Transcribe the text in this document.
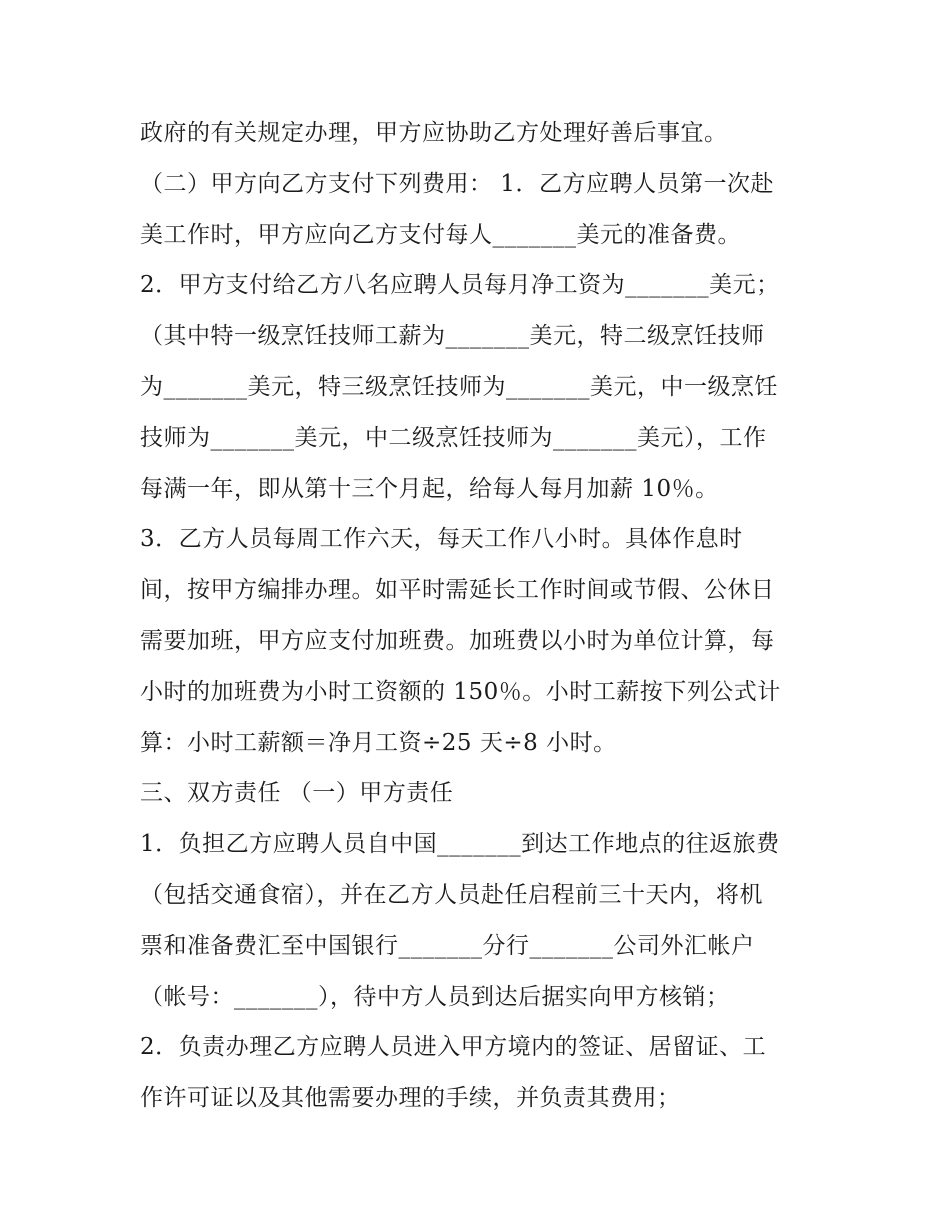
政府的有关规定办理，甲方应协助乙方处理好善后事宜。
（二）甲方向乙方支付下列费用： 1．乙方应聘人员第一次赴
美工作时，甲方应向乙方支付每人_______美元的准备费。
2．甲方支付给乙方八名应聘人员每月净工资为_______美元；
（其中特一级烹饪技师工薪为_______美元，特二级烹饪技师
为_______美元，特三级烹饪技师为_______美元，中一级烹饪
技师为_______美元，中二级烹饪技师为_______美元），工作
每满一年，即从第十三个月起，给每人每月加薪 10％。
3．乙方人员每周工作六天，每天工作八小时。具体作息时
间，按甲方编排办理。如平时需延长工作时间或节假、公休日
需要加班，甲方应支付加班费。加班费以小时为单位计算，每
小时的加班费为小时工资额的 150％。小时工薪按下列公式计
算：小时工薪额＝净月工资÷25 天÷8 小时。
三、双方责任 （一）甲方责任
1．负担乙方应聘人员自中国_______到达工作地点的往返旅费
（包括交通食宿），并在乙方人员赴任启程前三十天内，将机
票和准备费汇至中国银行_______分行_______公司外汇帐户
（帐号：_______），待中方人员到达后据实向甲方核销；
2．负责办理乙方应聘人员进入甲方境内的签证、居留证、工
作许可证以及其他需要办理的手续，并负责其费用；
